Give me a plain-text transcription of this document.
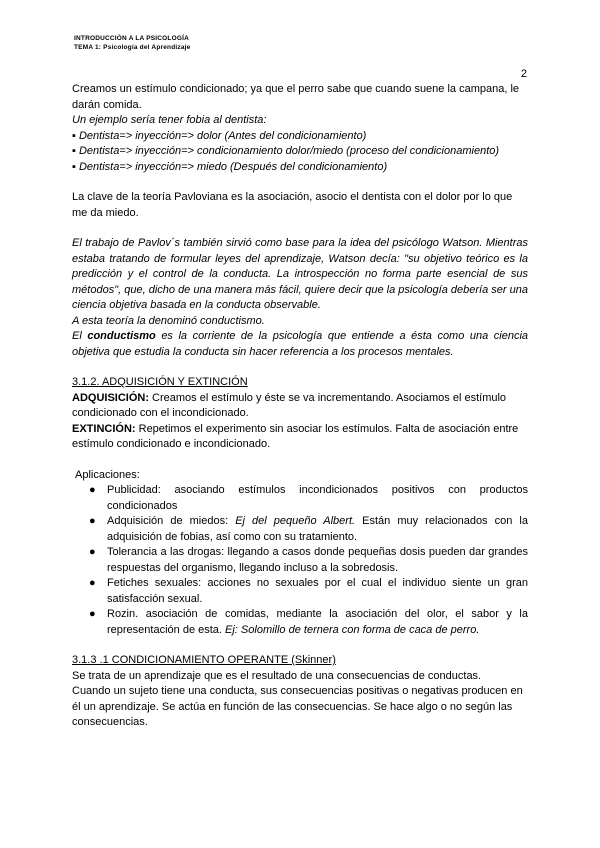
INTRODUCCIÓN A LA PSICOLOGÍA
TEMA 1: Psicología del Aprendizaje
2

Creamos un estímulo condicionado; ya que el perro sabe que cuando suene la campana, le darán comida.

Un ejemplo sería tener fobia al dentista:

▪ Dentista=> inyección=> dolor (Antes del condicionamiento)

▪ Dentista=> inyección=> condicionamiento dolor/miedo (proceso del condicionamiento)

▪ Dentista=> inyección=> miedo (Después del condicionamiento)

La clave de la teoría Pavloviana es la asociación, asocio el dentista con el dolor por lo que me da miedo.

El trabajo de Pavlov´s también sirvió como base para la idea del psicólogo Watson. Mientras estaba tratando de formular leyes del aprendizaje, Watson decía: "su objetivo teórico es la predicción y el control de la conducta. La introspección no forma parte esencial de sus métodos", que, dicho de una manera más fácil, quiere decir que la psicología debería ser una ciencia objetiva basada en la conducta observable.

A esta teoría la denominó conductismo.

El conductismo es la corriente de la psicología que entiende a ésta como una ciencia objetiva que estudia la conducta sin hacer referencia a los procesos mentales.

3.1.2. ADQUISICIÓN Y EXTINCIÓN

ADQUISICIÓN: Creamos el estímulo y éste se va incrementando. Asociamos el estímulo condicionado con el incondicionado.

EXTINCIÓN: Repetimos el experimento sin asociar los estímulos. Falta de asociación entre estímulo condicionado e incondicionado.

Aplicaciones:

● Publicidad: asociando estímulos incondicionados positivos con productos condicionados
● Adquisición de miedos: Ej del pequeño Albert. Están muy relacionados con la adquisición de fobias, así como con su tratamiento.
● Tolerancia a las drogas: llegando a casos donde pequeñas dosis pueden dar grandes respuestas del organismo, llegando incluso a la sobredosis.
● Fetiches sexuales: acciones no sexuales por el cual el individuo siente un gran satisfacción sexual.
● Rozin. asociación de comidas, mediante la asociación del olor, el sabor y la representación de esta. Ej: Solomillo de ternera con forma de caca de perro.

3.1.3 .1 CONDICIONAMIENTO OPERANTE (Skinner)

Se trata de un aprendizaje que es el resultado de una consecuencias de conductas.

Cuando un sujeto tiene una conducta, sus consecuencias positivas o negativas producen en él un aprendizaje. Se actúa en función de las consecuencias. Se hace algo o no según las consecuencias.
